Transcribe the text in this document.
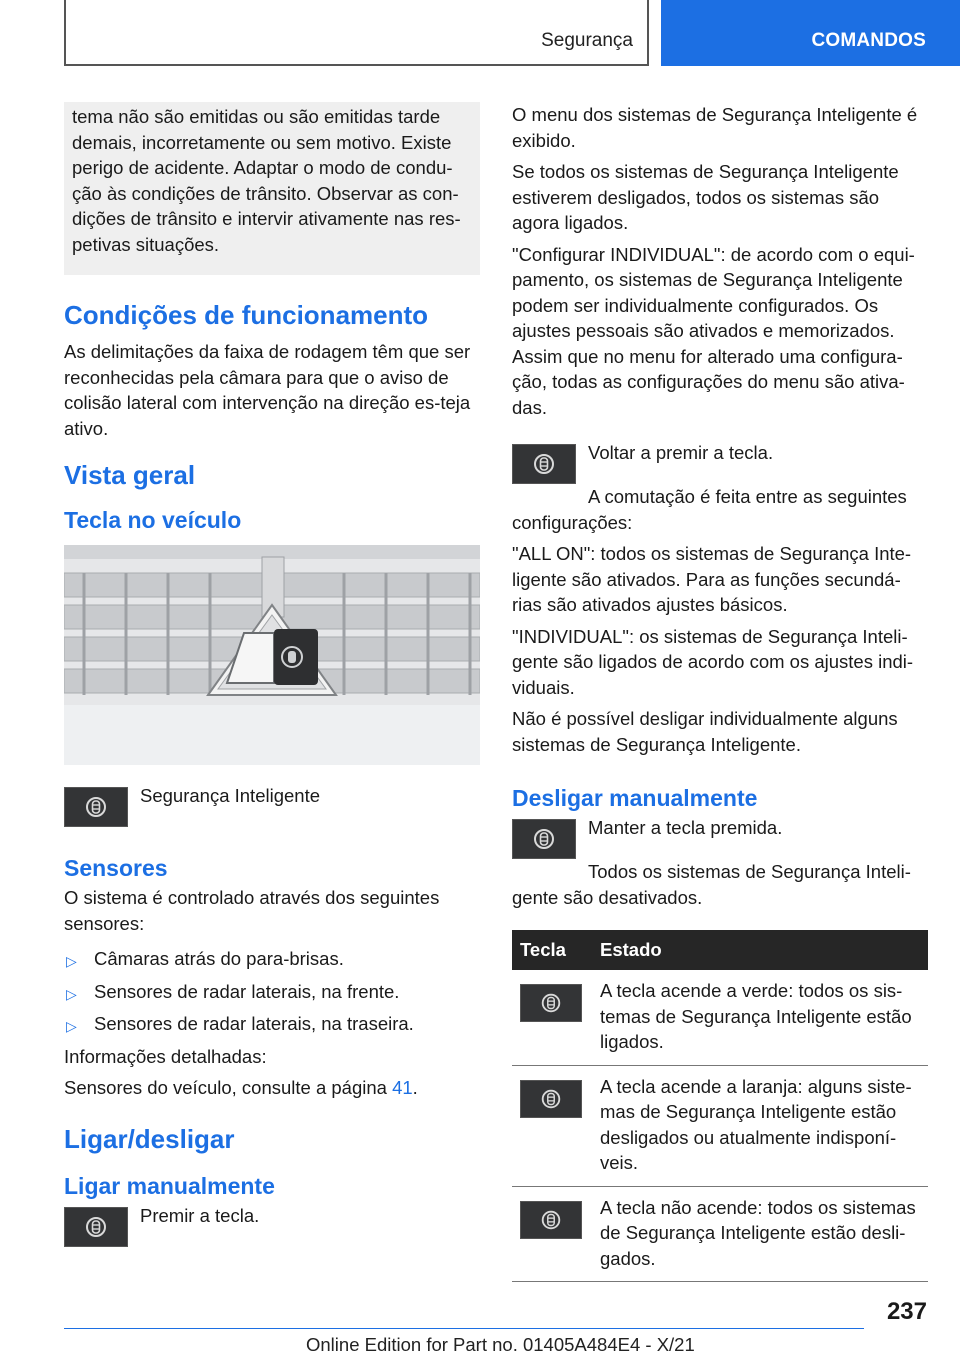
Segurança	COMANDOS

tema não são emitidas ou são emitidas tarde

demais, incorretamente ou sem motivo. Existe

perigo de acidente. Adaptar o modo de condu-

ção às condições de trânsito. Observar as con-

dições de trânsito e intervir ativamente nas res-

petivas situações.

Condições de funcionamento

As delimitações da faixa de rodagem têm que ser reconhecidas pela câmara para que o aviso de colisão lateral com intervenção na direção es-teja ativo.

Vista geral
Tecla no veículo

Segurança Inteligente

Sensores

O sistema é controlado através dos seguintes sensores:

▷ Câmaras atrás do para-brisas.
▷ Sensores de radar laterais, na frente.
▷ Sensores de radar laterais, na traseira.

Informações detalhadas:

Sensores do veículo, consulte a página 41.

Ligar/desligar
Ligar manualmente

Premir a tecla.

O menu dos sistemas de Segurança Inteligente é exibido.

Se todos os sistemas de Segurança Inteligente estiverem desligados, todos os sistemas são agora ligados.

"Configurar INDIVIDUAL": de acordo com o equi-pamento, os sistemas de Segurança Inteligente podem ser individualmente configurados. Os ajustes pessoais são ativados e memorizados. Assim que no menu for alterado uma configura-ção, todas as configurações do menu são ativa-das.

Voltar a premir a tecla.

A comutação é feita entre as seguintes configurações:

"ALL ON": todos os sistemas de Segurança Inte-ligente são ativados. Para as funções secundá-rias são ativados ajustes básicos.

"INDIVIDUAL": os sistemas de Segurança Inteli-gente são ligados de acordo com os ajustes indi-viduais.

Não é possível desligar individualmente alguns sistemas de Segurança Inteligente.

Desligar manualmente

Manter a tecla premida.

Todos os sistemas de Segurança Inteli-gente são desativados.

Tecla	Estado

	A tecla acende a verde: todos os sis-temas de Segurança Inteligente estão ligados.

	A tecla acende a laranja: alguns siste-mas de Segurança Inteligente estão desligados ou atualmente indisponí-veis.

	A tecla não acende: todos os sistemas de Segurança Inteligente estão desli-gados.
237
Online Edition for Part no. 01405A484E4 - X/21
